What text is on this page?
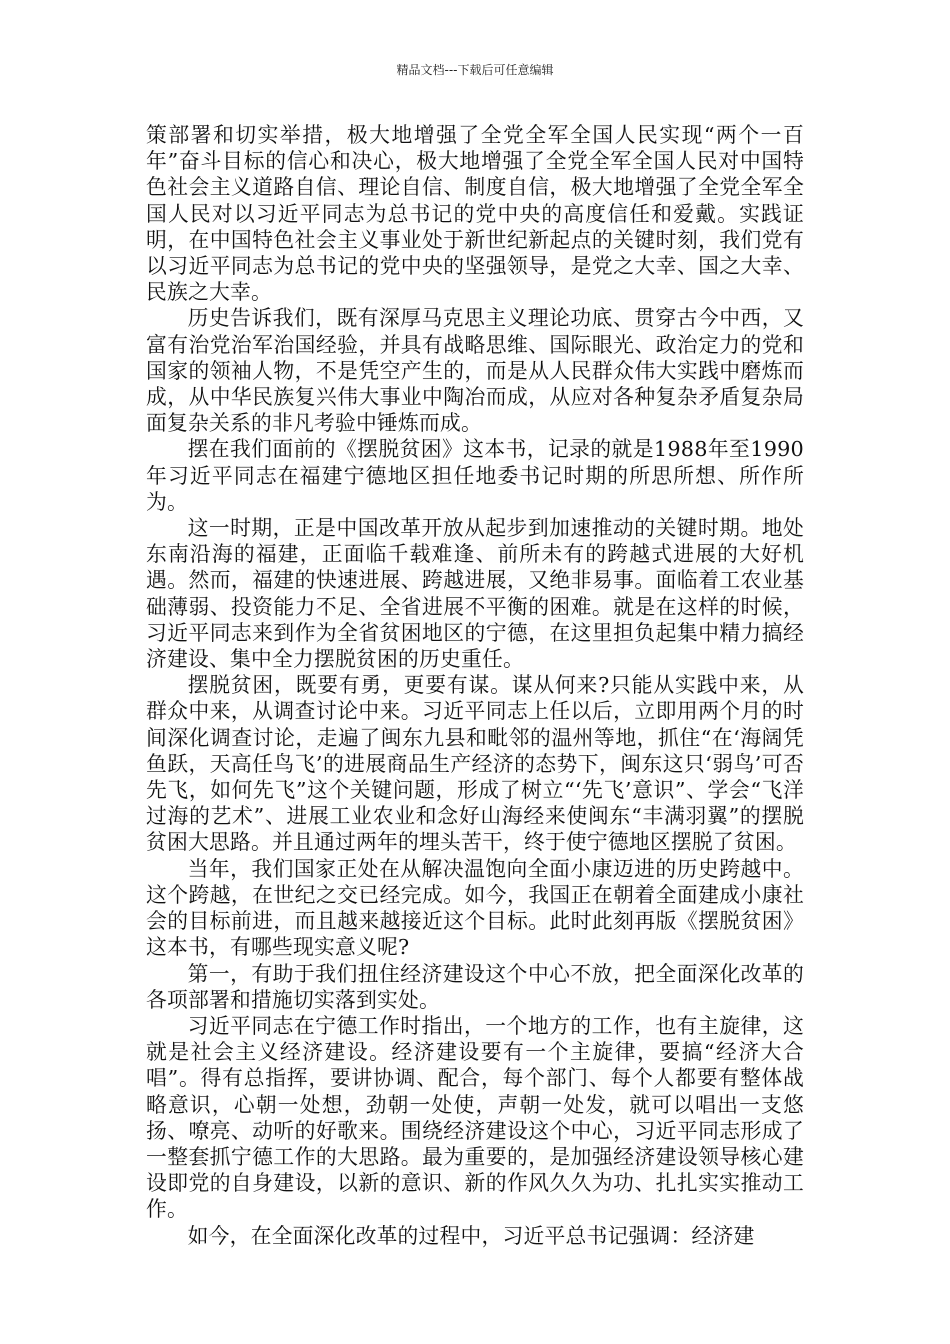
精品文档---下载后可任意编辑

策部署和切实举措，极大地增强了全党全军全国人民实现“两个一百年”奋斗目标的信心和决心，极大地增强了全党全军全国人民对中国特色社会主义道路自信、理论自信、制度自信，极大地增强了全党全军全国人民对以习近平同志为总书记的党中央的高度信任和爱戴。实践证明，在中国特色社会主义事业处于新世纪新起点的关键时刻，我们党有以习近平同志为总书记的党中央的坚强领导，是党之大幸、国之大幸、民族之大幸。

历史告诉我们，既有深厚马克思主义理论功底、贯穿古今中西，又富有治党治军治国经验，并具有战略思维、国际眼光、政治定力的党和国家的领袖人物，不是凭空产生的，而是从人民群众伟大实践中磨炼而成，从中华民族复兴伟大事业中陶冶而成，从应对各种复杂矛盾复杂局面复杂关系的非凡考验中锤炼而成。

摆在我们面前的《摆脱贫困》这本书，记录的就是1988年至1990年习近平同志在福建宁德地区担任地委书记时期的所思所想、所作所为。

这一时期，正是中国改革开放从起步到加速推动的关键时期。地处东南沿海的福建，正面临千载难逢、前所未有的跨越式进展的大好机遇。然而，福建的快速进展、跨越进展，又绝非易事。面临着工农业基础薄弱、投资能力不足、全省进展不平衡的困难。就是在这样的时候，习近平同志来到作为全省贫困地区的宁德，在这里担负起集中精力搞经济建设、集中全力摆脱贫困的历史重任。

摆脱贫困，既要有勇，更要有谋。谋从何来?只能从实践中来，从群众中来，从调查讨论中来。习近平同志上任以后，立即用两个月的时间深化调查讨论，走遍了闽东九县和毗邻的温州等地，抓住“在‘海阔凭鱼跃，天高任鸟飞’的进展商品生产经济的态势下，闽东这只‘弱鸟’可否先飞，如何先飞”这个关键问题，形成了树立“‘先飞’意识”、学会“飞洋过海的艺术”、进展工业农业和念好山海经来使闽东“丰满羽翼”的摆脱贫困大思路。并且通过两年的埋头苦干，终于使宁德地区摆脱了贫困。

当年，我们国家正处在从解决温饱向全面小康迈进的历史跨越中。这个跨越，在世纪之交已经完成。如今，我国正在朝着全面建成小康社会的目标前进，而且越来越接近这个目标。此时此刻再版《摆脱贫困》这本书，有哪些现实意义呢?

第一，有助于我们扭住经济建设这个中心不放，把全面深化改革的各项部署和措施切实落到实处。

习近平同志在宁德工作时指出，一个地方的工作，也有主旋律，这就是社会主义经济建设。经济建设要有一个主旋律，要搞“经济大合唱”。得有总指挥，要讲协调、配合，每个部门、每个人都要有整体战略意识，心朝一处想，劲朝一处使，声朝一处发，就可以唱出一支悠扬、嘹亮、动听的好歌来。围绕经济建设这个中心，习近平同志形成了一整套抓宁德工作的大思路。最为重要的，是加强经济建设领导核心建设即党的自身建设，以新的意识、新的作风久久为功、扎扎实实推动工作。

如今，在全面深化改革的过程中，习近平总书记强调：经济建
